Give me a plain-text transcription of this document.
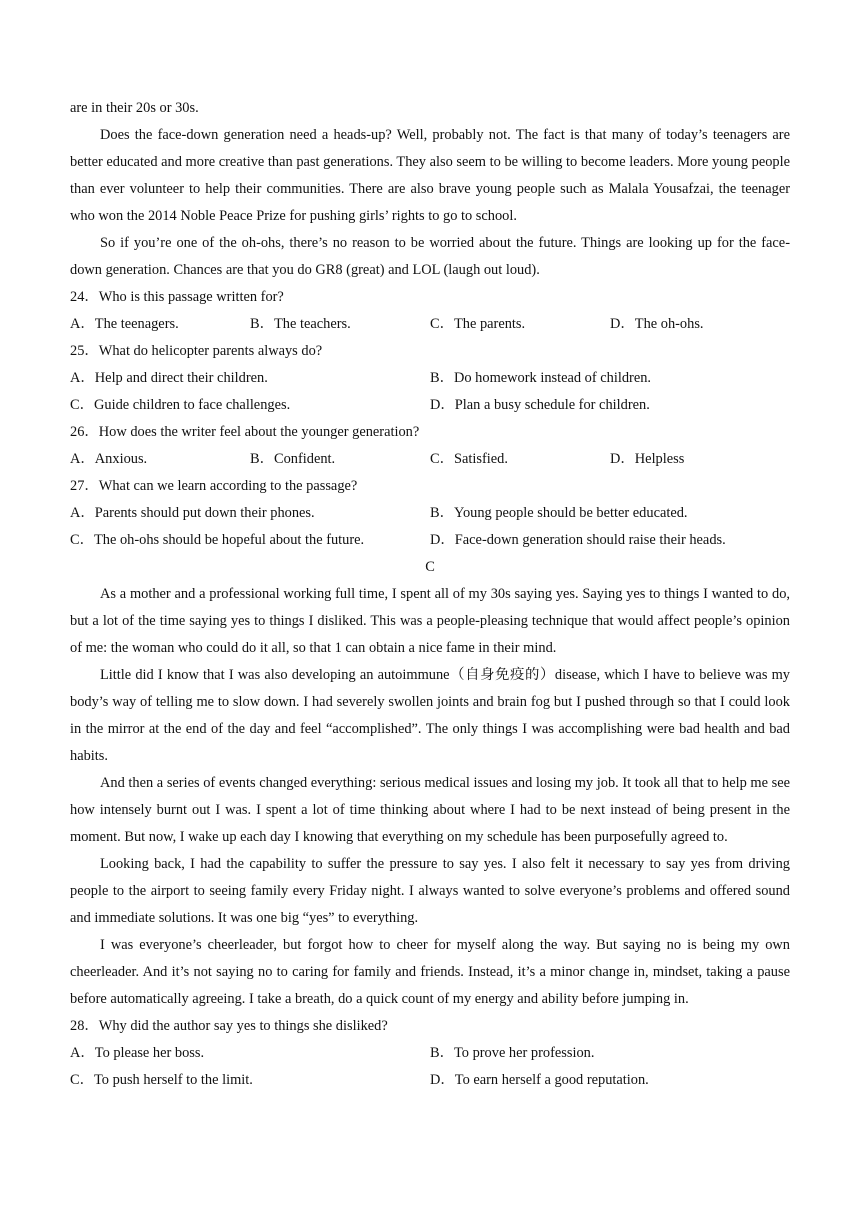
are in their 20s or 30s.

Does the face-down generation need a heads-up? Well, probably not. The fact is that many of today’s teenagers are better educated and more creative than past generations. They also seem to be willing to become leaders. More young people than ever volunteer to help their communities. There are also brave young people such as Malala Yousafzai, the teenager who won the 2014 Noble Peace Prize for pushing girls’ rights to go to school.

So if you’re one of the oh-ohs, there’s no reason to be worried about the future. Things are looking up for the face-down generation. Chances are that you do GR8 (great) and LOL (laugh out loud).

24．Who is this passage written for?

A．The teenagers.	B．The teachers.	C．The parents.	D．The oh-ohs.

25．What do helicopter parents always do?

A．Help and direct their children.	B．Do homework instead of children.
C．Guide children to face challenges.	D．Plan a busy schedule for children.

26．How does the writer feel about the younger generation?

A．Anxious.	B．Confident.	C．Satisfied.	D．Helpless

27．What can we learn according to the passage?

A．Parents should put down their phones.	B．Young people should be better educated.
C．The oh-ohs should be hopeful about the future.	D．Face-down generation should raise their heads.

C

As a mother and a professional working full time, I spent all of my 30s saying yes. Saying yes to things I wanted to do, but a lot of the time saying yes to things I disliked. This was a people-pleasing technique that would affect people’s opinion of me: the woman who could do it all, so that 1 can obtain a nice fame in their mind.

Little did I know that I was also developing an autoimmune（自身免疫的）disease, which I have to believe was my body’s way of telling me to slow down. I had severely swollen joints and brain fog but I pushed through so that I could look in the mirror at the end of the day and feel “accomplished”. The only things I was accomplishing were bad health and bad habits.

And then a series of events changed everything: serious medical issues and losing my job. It took all that to help me see how intensely burnt out I was. I spent a lot of time thinking about where I had to be next instead of being present in the moment. But now, I wake up each day I knowing that everything on my schedule has been purposefully agreed to.

Looking back, I had the capability to suffer the pressure to say yes. I also felt it necessary to say yes from driving people to the airport to seeing family every Friday night. I always wanted to solve everyone’s problems and offered sound and immediate solutions. It was one big “yes” to everything.

I was everyone’s cheerleader, but forgot how to cheer for myself along the way. But saying no is being my own cheerleader. And it’s not saying no to caring for family and friends. Instead, it’s a minor change in, mindset, taking a pause before automatically agreeing. I take a breath, do a quick count of my energy and ability before jumping in.

28．Why did the author say yes to things she disliked?

A．To please her boss.	B．To prove her profession.
C．To push herself to the limit.	D．To earn herself a good reputation.
